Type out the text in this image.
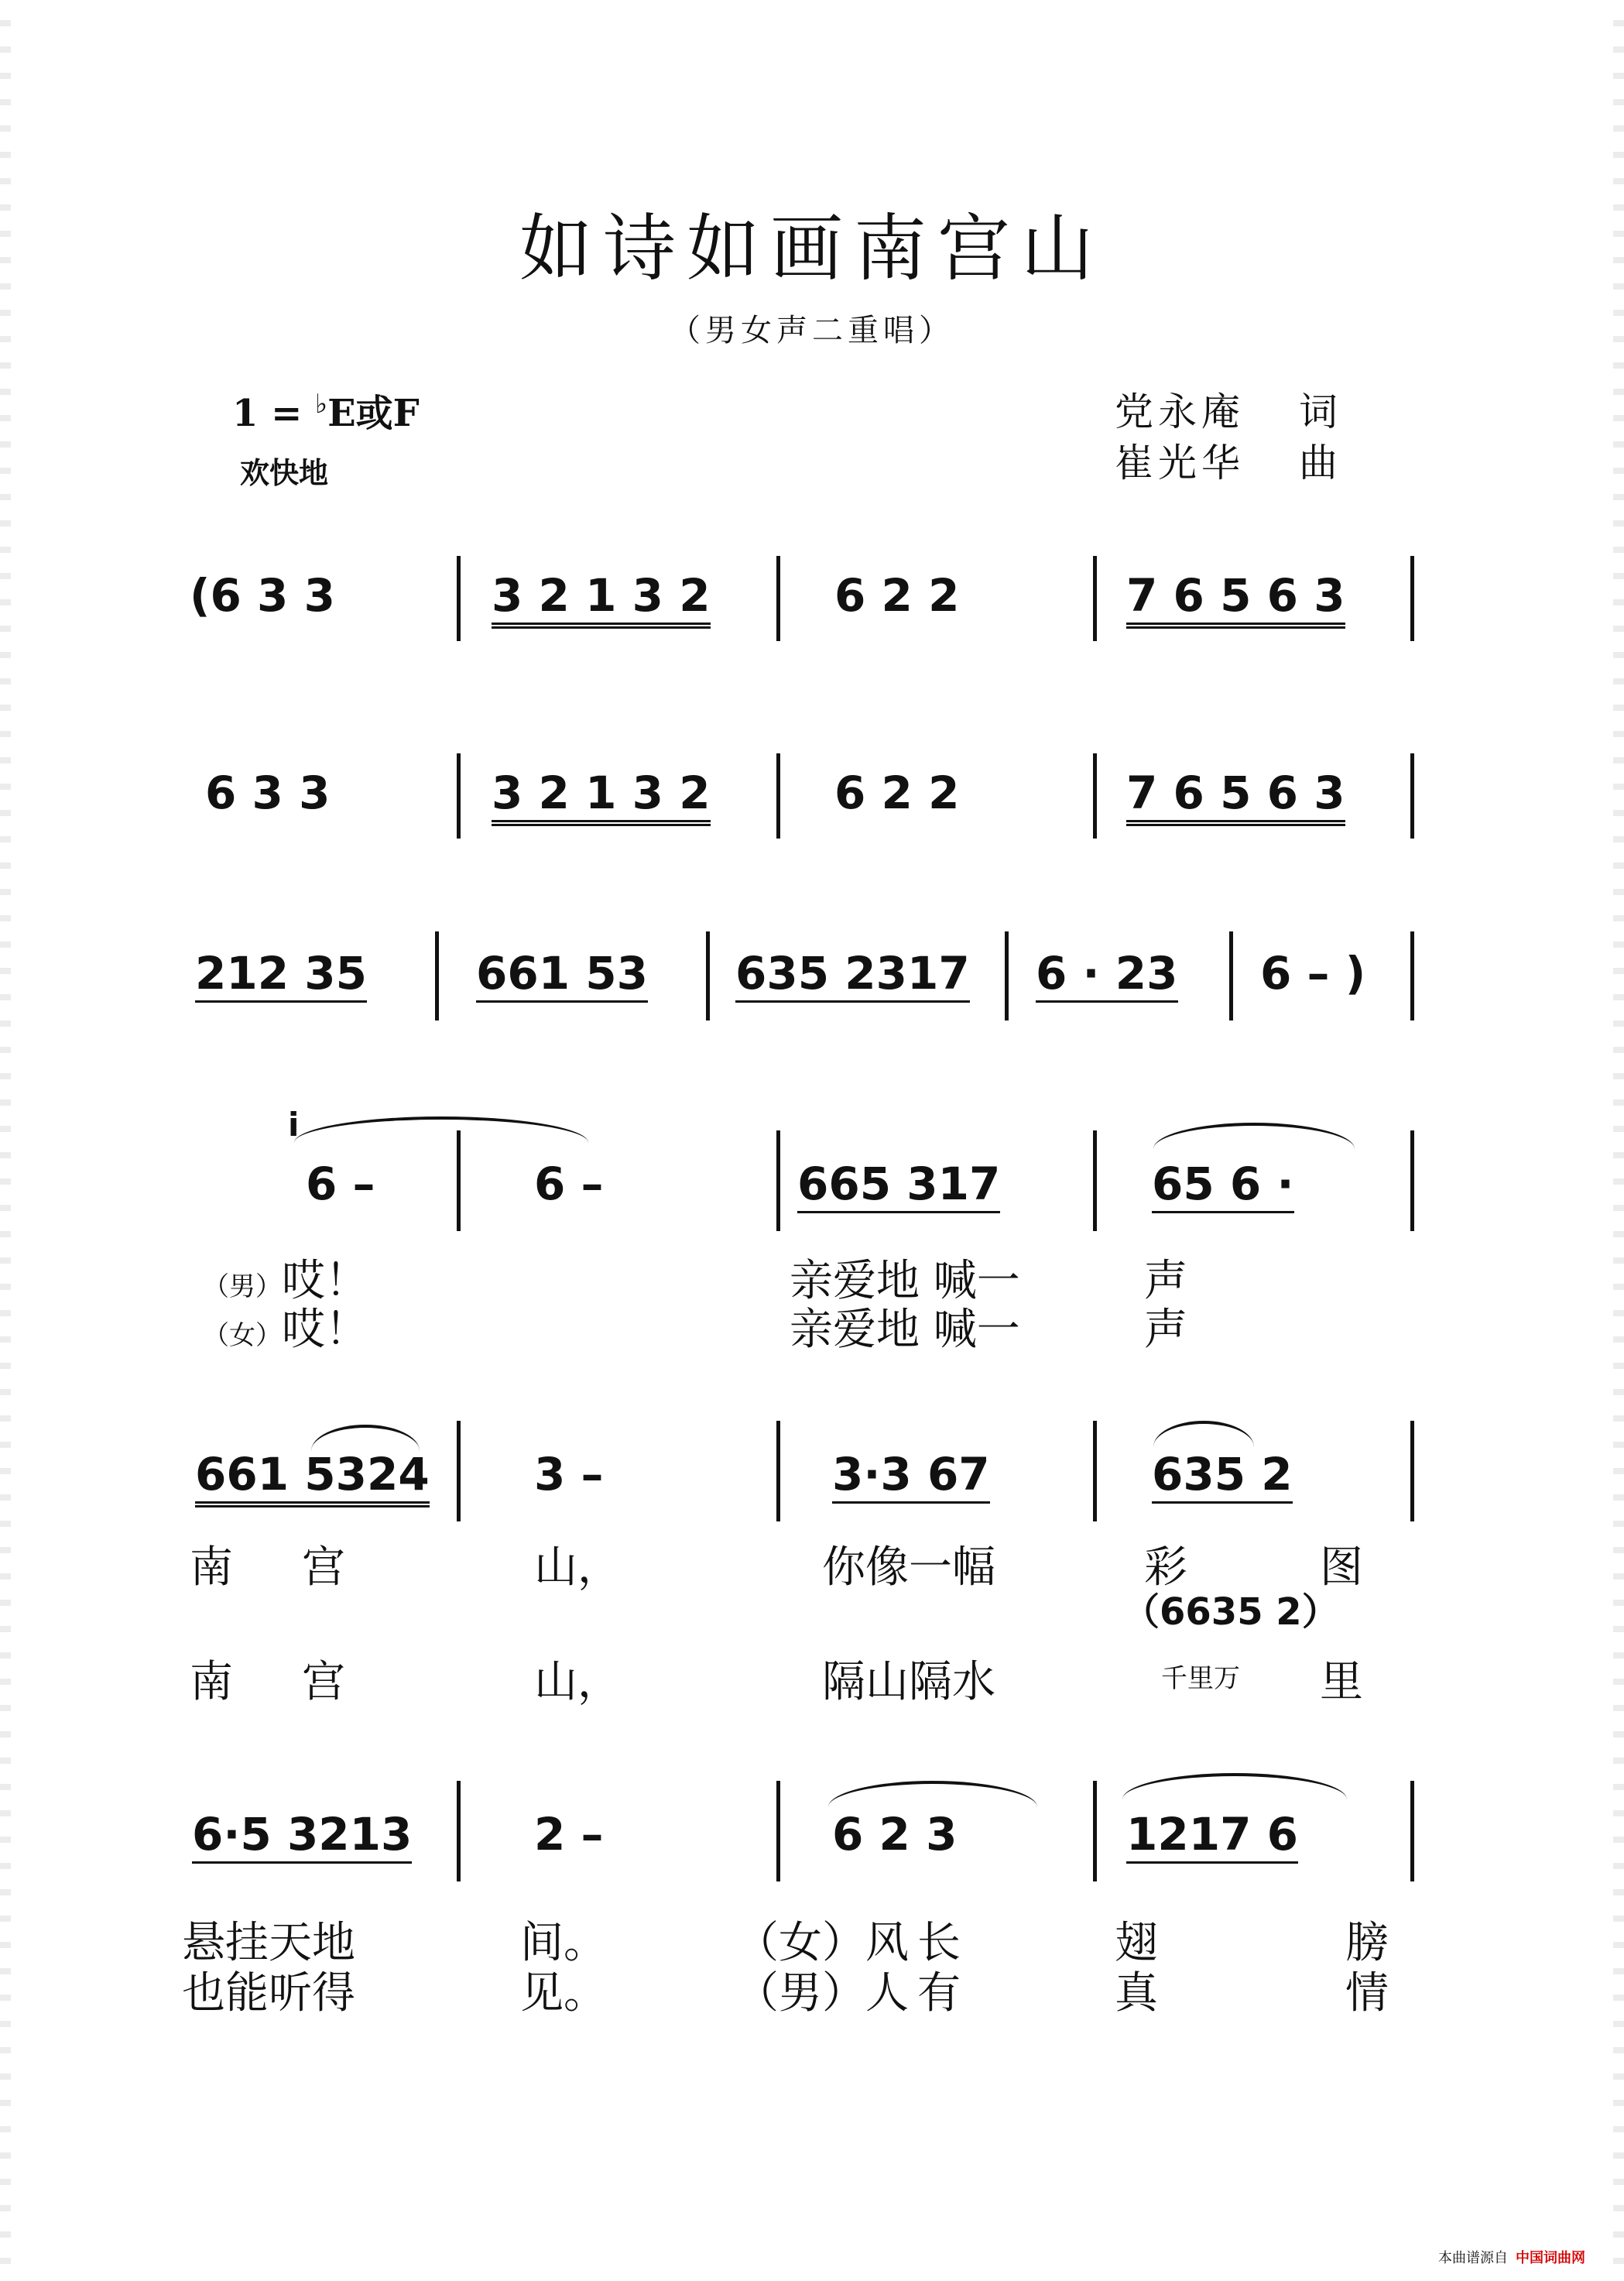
如诗如画南宫山
（男女声二重唱）
1 = ♭E或F
欢快地
党永庵 词
崔光华 曲
(6 3 3	3 2 1 3 2	6 2 2	7 6 5 6 3
6 3 3	3 2 1 3 2	6 2 2	7 6 5 6 3
212 35 661 53 635 2317 6 · 23 6 – )
i
6 –	6 –	665 317	65 6 ·
（男）哎！	亲爱地 喊一	声
（女）哎！	亲爱地 喊一	声
661 5324 3 –	3·3 67	635 2
南 宫	山，	你像一幅	彩	图
（6635 2）
南 宫	山，	隔山隔水	千里万 里
6·5 3213	2 –	6 2 3	1217 6
悬挂天地	间。	（女）风 长	翅	膀
也能听得	见。	（男）人 有	真	情
本曲谱源自 中国词曲网
